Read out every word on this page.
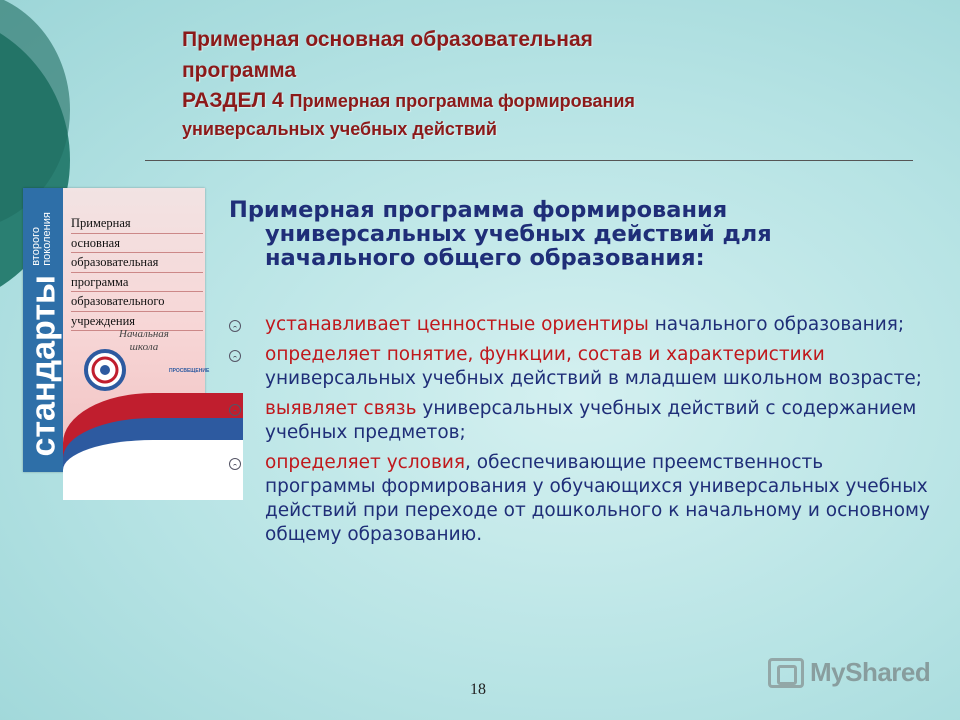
Примерная основная образовательная
программа
РАЗДЕЛ 4 Примерная программа формирования
универсальных учебных действий
стандарты
второго поколения Примерная
основная
образовательная
программа
образовательного
учреждения
Начальная
школа
ПРОСВЕЩЕНИЕ
Примерная программа формирования
универсальных учебных действий для
начального общего образования:
устанавливает ценностные ориентиры начального образования;
определяет понятие, функции, состав и характеристики универсальных учебных действий в младшем школьном возрасте;
выявляет связь универсальных учебных действий с содержанием учебных предметов;
определяет условия, обеспечивающие преемственность программы формирования у обучающихся универсальных учебных действий при переходе от дошкольного к начальному и основному общему образованию.
18
MyShared
